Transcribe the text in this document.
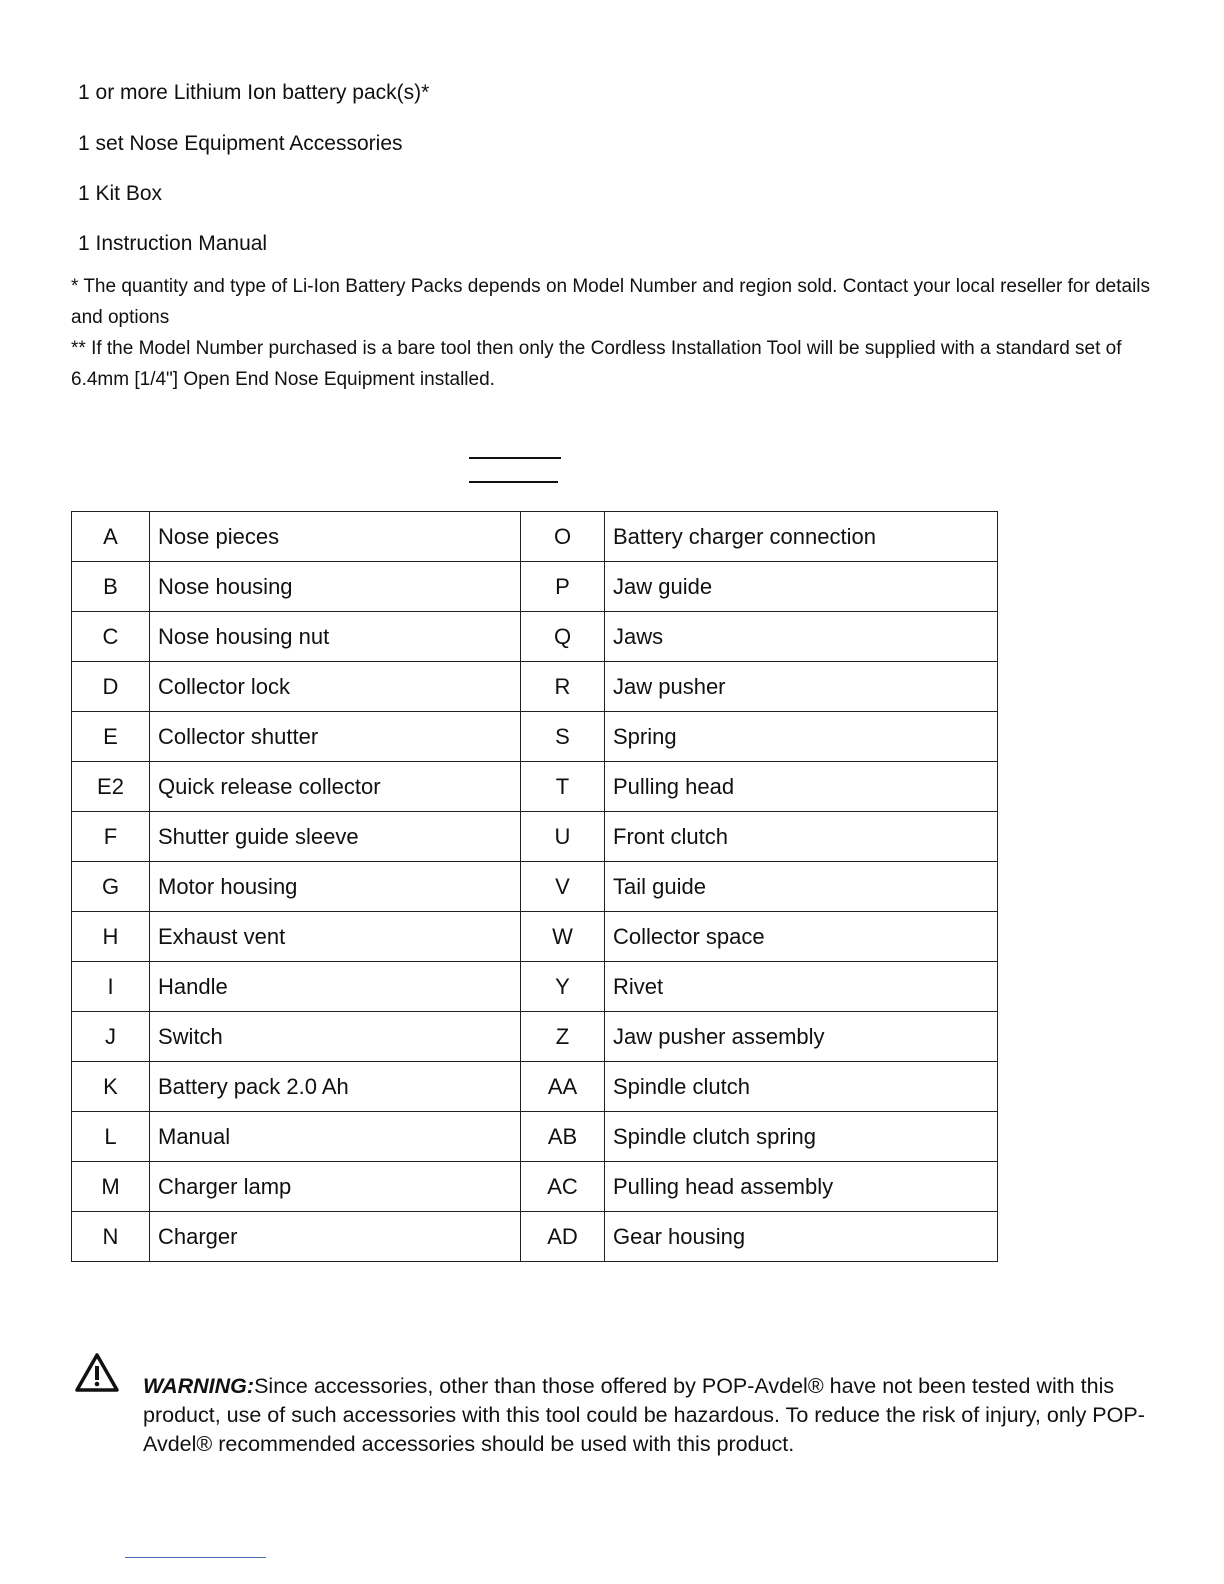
1 or more Lithium Ion battery pack(s)*
1 set Nose Equipment Accessories
1 Kit Box
1 Instruction Manual
* The quantity and type of Li-Ion Battery Packs depends on Model Number and region sold. Contact your local reseller for details and options
** If the Model Number purchased is a bare tool then only the Cordless Installation Tool will be supplied with a standard set of 6.4mm [1/4"] Open End Nose Equipment installed.
A	Nose pieces	O	Battery charger connection
B	Nose housing	P	Jaw guide
C	Nose housing nut	Q	Jaws
D	Collector lock	R	Jaw pusher
E	Collector shutter	S	Spring
E2	Quick release collector	T	Pulling head
F	Shutter guide sleeve	U	Front clutch
G	Motor housing	V	Tail guide
H	Exhaust vent	W	Collector space
I	Handle	Y	Rivet
J	Switch	Z	Jaw pusher assembly
K	Battery pack 2.0 Ah	AA	Spindle clutch
L	Manual	AB	Spindle clutch spring
M	Charger lamp	AC	Pulling head assembly
N	Charger	AD	Gear housing
WARNING:Since accessories, other than those offered by POP-Avdel® have not been tested with this product, use of such accessories with this tool could be hazardous. To reduce the risk of injury, only POP- Avdel® recommended accessories should be used with this product.
